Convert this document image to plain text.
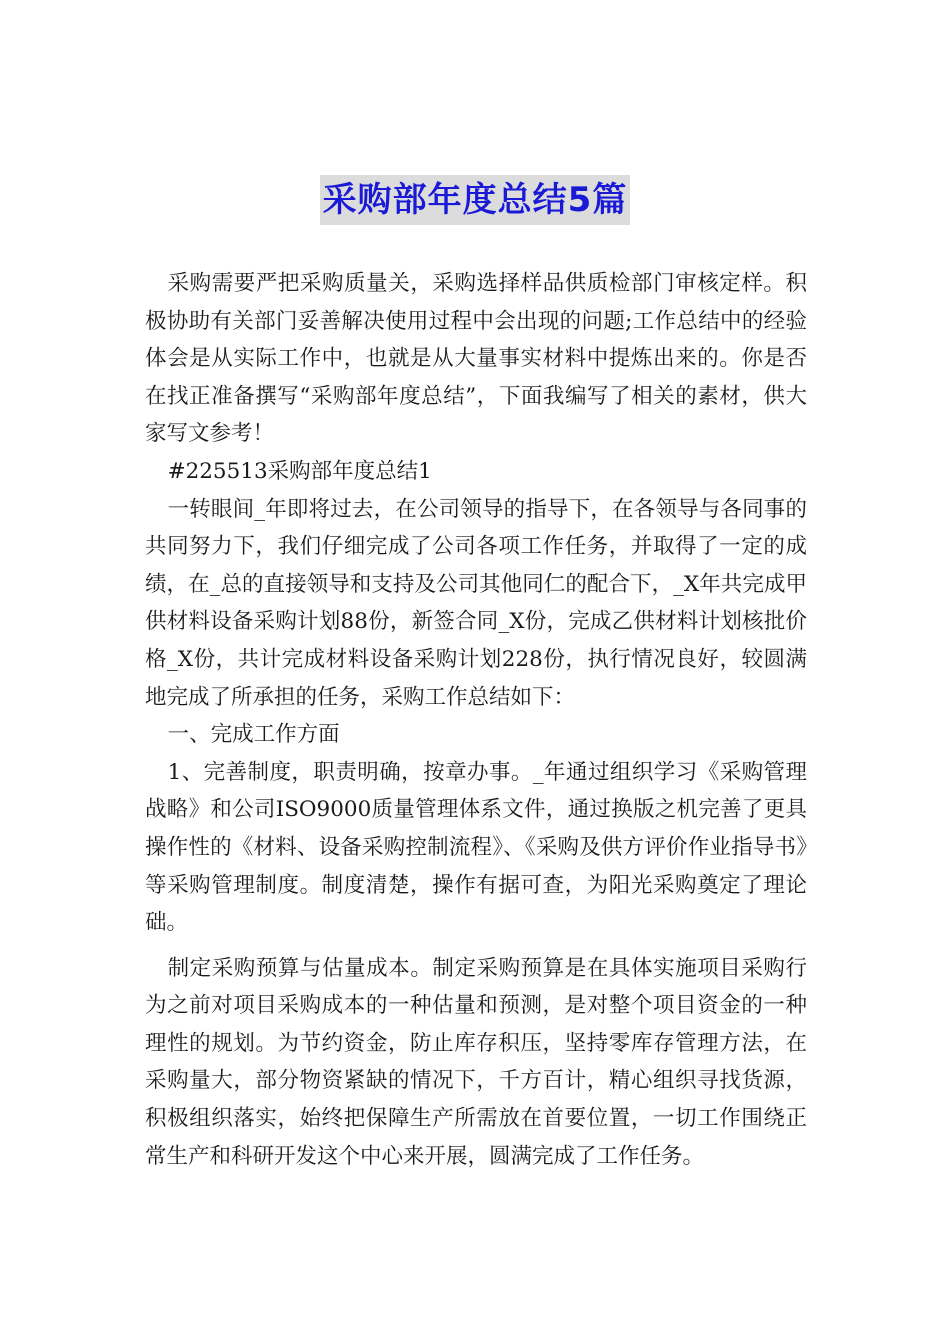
采购部年度总结5篇

采购需要严把采购质量关，采购选择样品供质检部门审核定样。积极协助有关部门妥善解决使用过程中会出现的问题;工作总结中的经验体会是从实际工作中，也就是从大量事实材料中提炼出来的。你是否在找正准备撰写“采购部年度总结”，下面我编写了相关的素材，供大家写文参考！

#225513采购部年度总结1

一转眼间_年即将过去，在公司领导的指导下，在各领导与各同事的共同努力下，我们仔细完成了公司各项工作任务，并取得了一定的成绩，在_总的直接领导和支持及公司其他同仁的配合下，_X年共完成甲供材料设备采购计划88份，新签合同_X份，完成乙供材料计划核批价格_X份，共计完成材料设备采购计划228份，执行情况良好，较圆满地完成了所承担的任务，采购工作总结如下：

一、完成工作方面

1、完善制度，职责明确，按章办事。_年通过组织学习《采购管理战略》和公司ISO9000质量管理体系文件，通过换版之机完善了更具操作性的《材料、设备采购控制流程》、《采购及供方评价作业指导书》等采购管理制度。制度清楚，操作有据可查，为阳光采购奠定了理论础。

制定采购预算与估量成本。制定采购预算是在具体实施项目采购行为之前对项目采购成本的一种估量和预测，是对整个项目资金的一种理性的规划。为节约资金，防止库存积压，坚持零库存管理方法，在采购量大，部分物资紧缺的情况下，千方百计，精心组织寻找货源，积极组织落实，始终把保障生产所需放在首要位置，一切工作围绕正常生产和科研开发这个中心来开展，圆满完成了工作任务。
